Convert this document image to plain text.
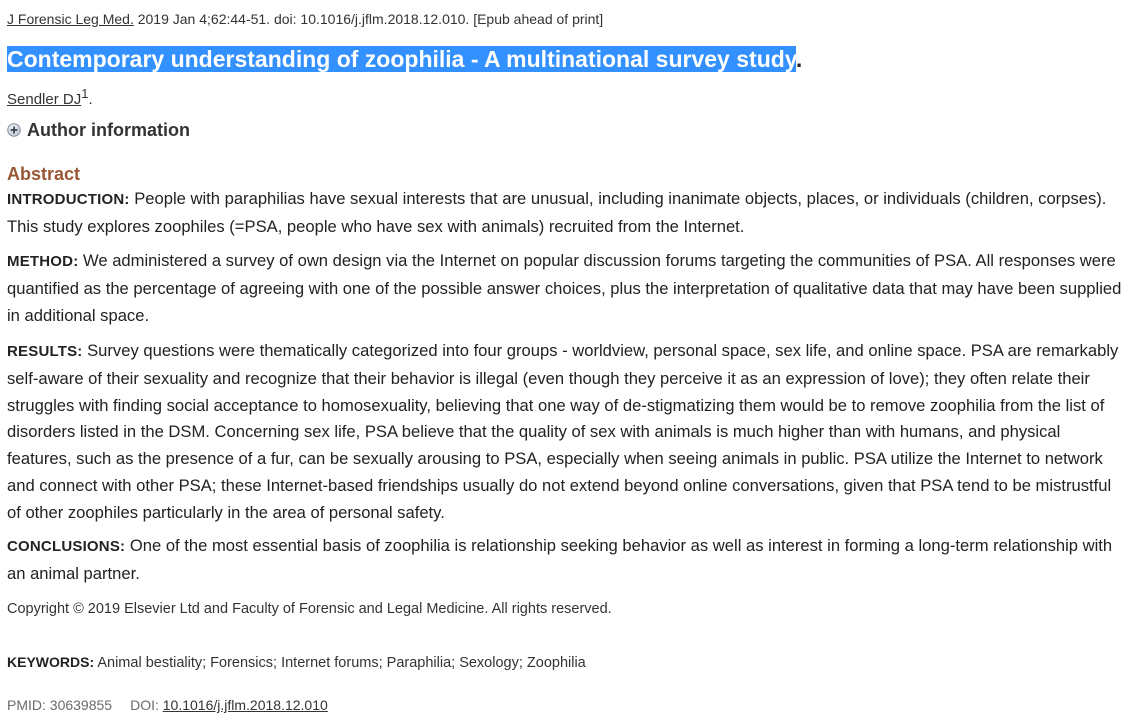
J Forensic Leg Med. 2019 Jan 4;62:44-51. doi: 10.1016/j.jflm.2018.12.010. [Epub ahead of print]
Contemporary understanding of zoophilia - A multinational survey study.
Sendler $DJ^1$.
Author information
Abstract

INTRODUCTION: People with paraphilias have sexual interests that are unusual, including inanimate objects, places, or individuals (children, corpses). This study explores zoophiles (=PSA, people who have sex with animals) recruited from the Internet.

METHOD: We administered a survey of own design via the Internet on popular discussion forums targeting the communities of PSA. All responses were quantified as the percentage of agreeing with one of the possible answer choices, plus the interpretation of qualitative data that may have been supplied in additional space.

RESULTS: Survey questions were thematically categorized into four groups - worldview, personal space, sex life, and online space. PSA are remarkably self-aware of their sexuality and recognize that their behavior is illegal (even though they perceive it as an expression of love); they often relate their struggles with finding social acceptance to homosexuality, believing that one way of de-stigmatizing them would be to remove zoophilia from the list of disorders listed in the DSM. Concerning sex life, PSA believe that the quality of sex with animals is much higher than with humans, and physical features, such as the presence of a fur, can be sexually arousing to PSA, especially when seeing animals in public. PSA utilize the Internet to network and connect with other PSA; these Internet-based friendships usually do not extend beyond online conversations, given that PSA tend to be mistrustful of other zoophiles particularly in the area of personal safety.

CONCLUSIONS: One of the most essential basis of zoophilia is relationship seeking behavior as well as interest in forming a long-term relationship with an animal partner.

Copyright © 2019 Elsevier Ltd and Faculty of Forensic and Legal Medicine. All rights reserved.

KEYWORDS: Animal bestiality; Forensics; Internet forums; Paraphilia; Sexology; Zoophilia

PMID: 30639855 DOI: 10.1016/j.jflm.2018.12.010
